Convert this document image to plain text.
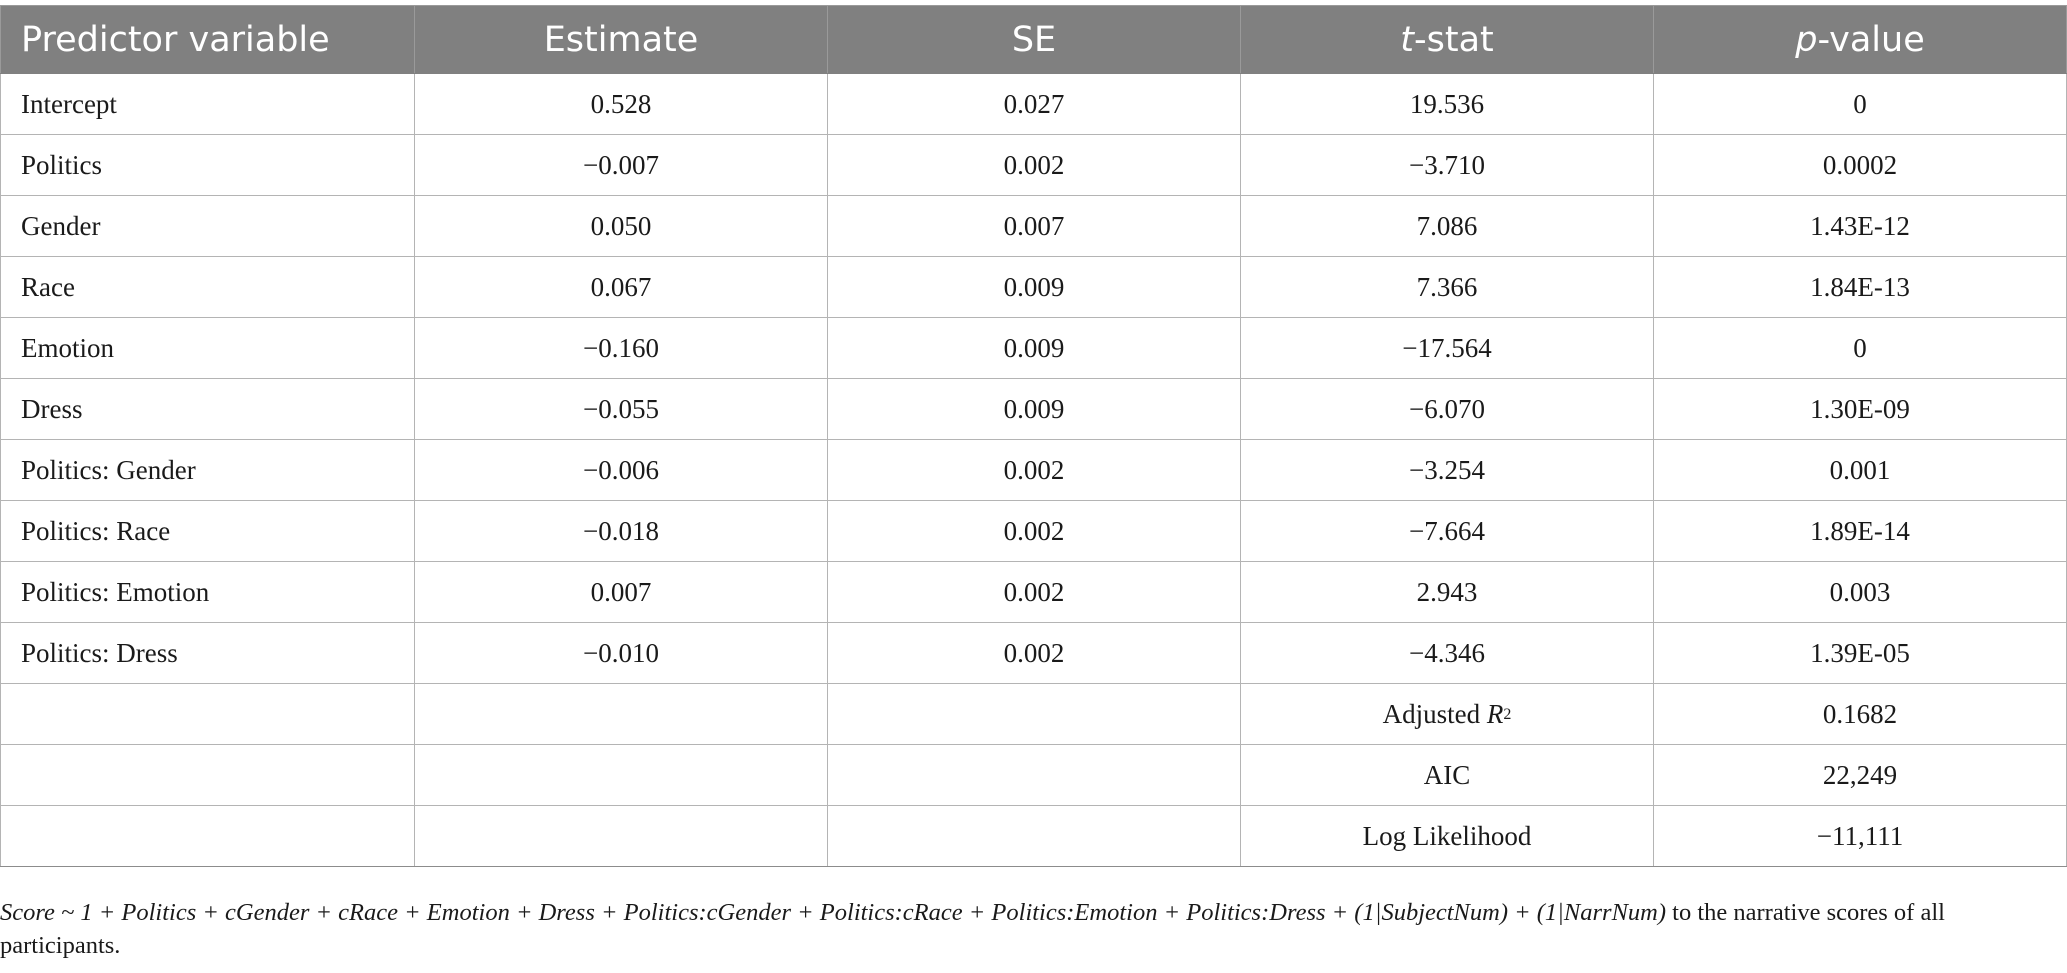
Predictor variable	Estimate	SE	t-stat	p-value
Intercept	0.528	0.027	19.536	0
Politics	−0.007	0.002	−3.710	0.0002
Gender	0.050	0.007	7.086	1.43E-12
Race	0.067	0.009	7.366	1.84E-13
Emotion	−0.160	0.009	−17.564	0
Dress	−0.055	0.009	−6.070	1.30E-09
Politics: Gender	−0.006	0.002	−3.254	0.001
Politics: Race	−0.018	0.002	−7.664	1.89E-14
Politics: Emotion	0.007	0.002	2.943	0.003
Politics: Dress	−0.010	0.002	−4.346	1.39E-05
			Adjusted $R^2$	0.1682
			AIC	22,249
			Log Likelihood	−11,111
Score ~ 1 + Politics + cGender + cRace + Emotion + Dress + Politics:cGender + Politics:cRace + Politics:Emotion + Politics:Dress + (1|SubjectNum) + (1|NarrNum) to the narrative scores of all participants.
